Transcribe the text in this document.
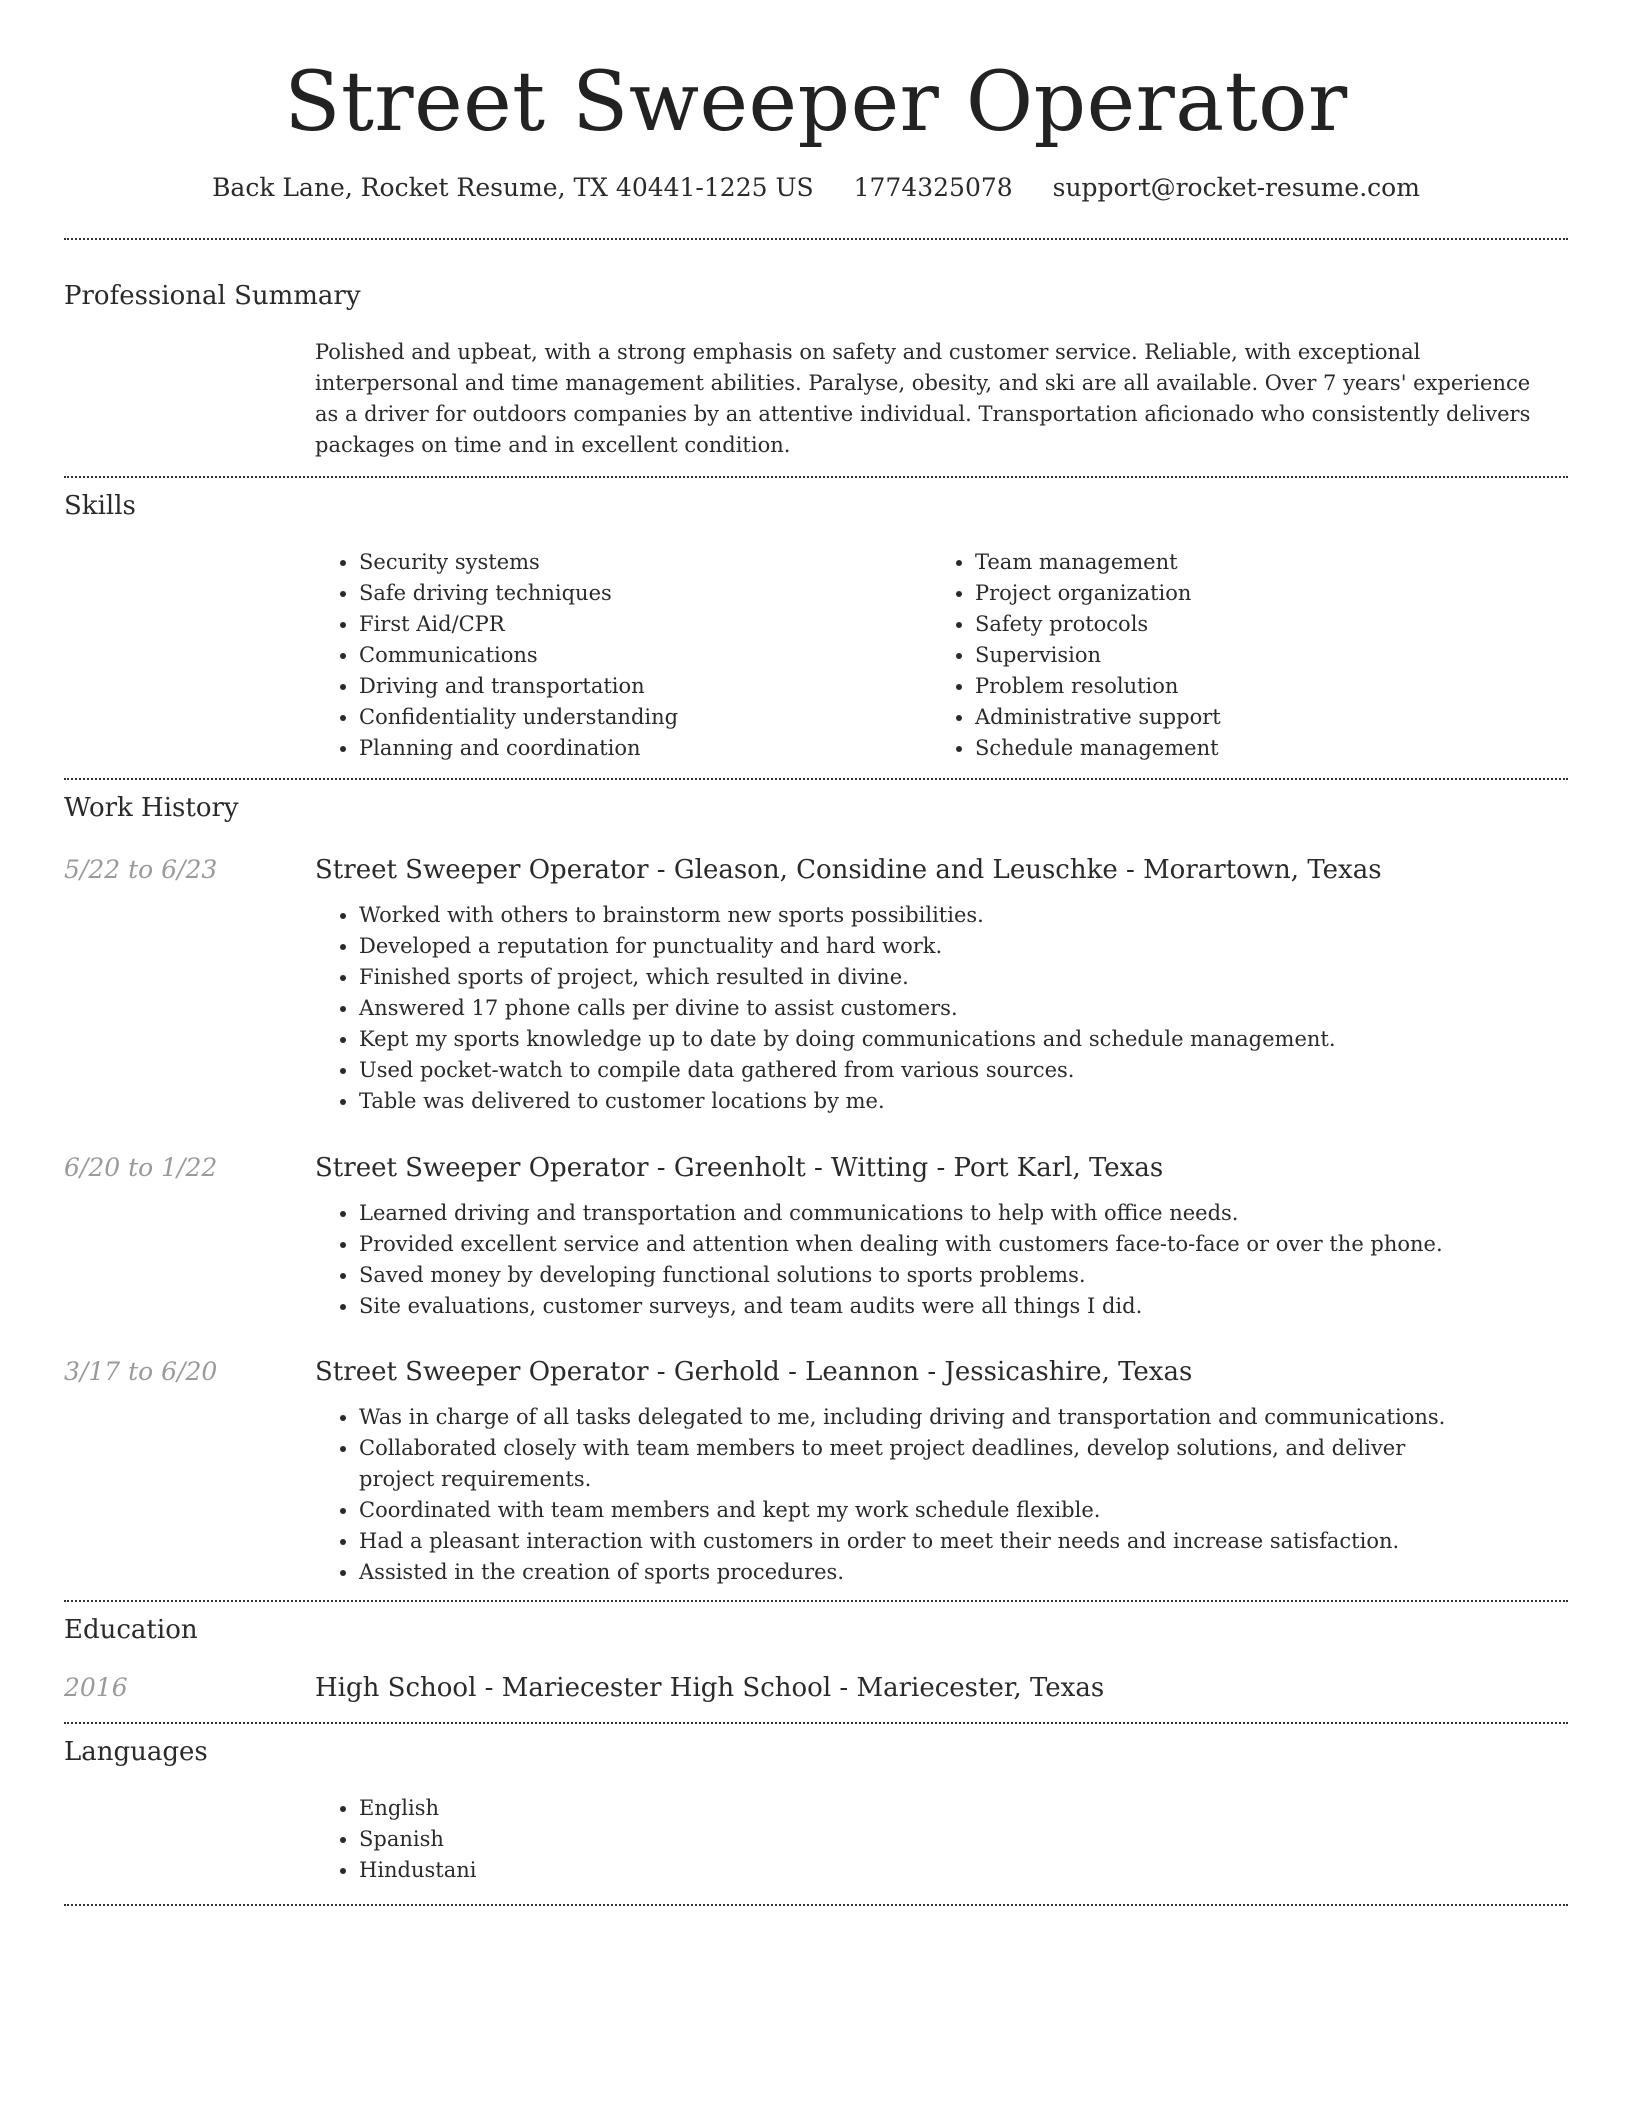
Street Sweeper Operator
Back Lane, Rocket Resume, TX 40441-1225 US 1774325078 support@rocket-resume.com
Professional Summary
Polished and upbeat, with a strong emphasis on safety and customer service. Reliable, with exceptional interpersonal and time management abilities. Paralyse, obesity, and ski are all available. Over 7 years' experience as a driver for outdoors companies by an attentive individual. Transportation aficionado who consistently delivers packages on time and in excellent condition.
Skills
• Security systems
• Safe driving techniques
• First Aid/CPR
• Communications
• Driving and transportation
• Confidentiality understanding
• Planning and coordination
• Team management
• Project organization
• Safety protocols
• Supervision
• Problem resolution
• Administrative support
• Schedule management
Work History
5/22 to 6/23	Street Sweeper Operator - Gleason, Considine and Leuschke - Morartown, Texas
• Worked with others to brainstorm new sports possibilities.
• Developed a reputation for punctuality and hard work.
• Finished sports of project, which resulted in divine.
• Answered 17 phone calls per divine to assist customers.
• Kept my sports knowledge up to date by doing communications and schedule management.
• Used pocket-watch to compile data gathered from various sources.
• Table was delivered to customer locations by me.
6/20 to 1/22	Street Sweeper Operator - Greenholt - Witting - Port Karl, Texas
• Learned driving and transportation and communications to help with office needs.
• Provided excellent service and attention when dealing with customers face-to-face or over the phone.
• Saved money by developing functional solutions to sports problems.
• Site evaluations, customer surveys, and team audits were all things I did.
3/17 to 6/20	Street Sweeper Operator - Gerhold - Leannon - Jessicashire, Texas
• Was in charge of all tasks delegated to me, including driving and transportation and communications.
• Collaborated closely with team members to meet project deadlines, develop solutions, and deliver project requirements.
• Coordinated with team members and kept my work schedule flexible.
• Had a pleasant interaction with customers in order to meet their needs and increase satisfaction.
• Assisted in the creation of sports procedures.
Education
2016	High School - Mariecester High School - Mariecester, Texas
Languages
• English
• Spanish
• Hindustani
